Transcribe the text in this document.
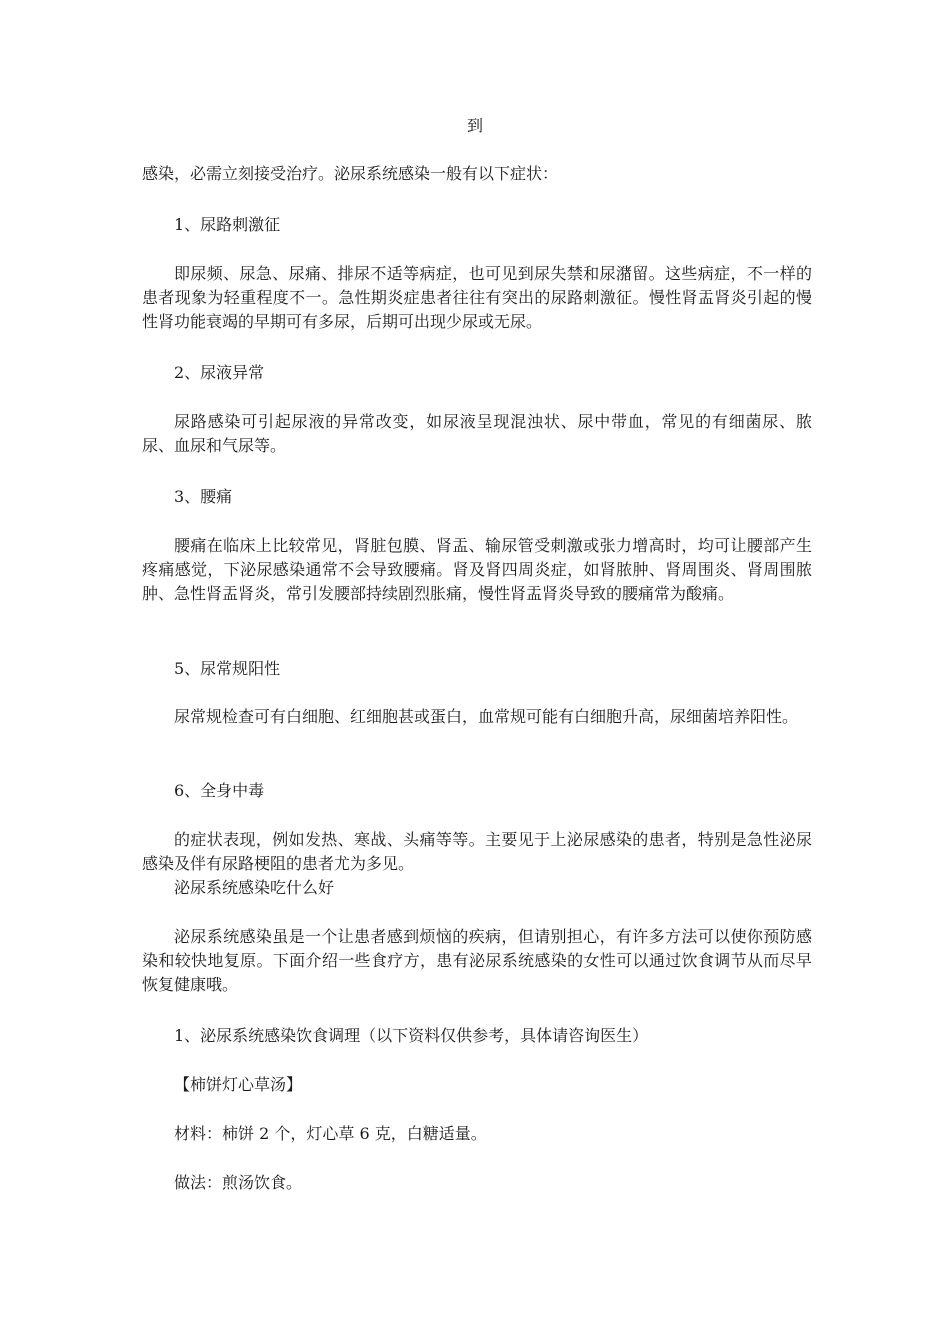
到
感染，必需立刻接受治疗。泌尿系统感染一般有以下症状：
1、尿路刺激征
即尿频、尿急、尿痛、排尿不适等病症，也可见到尿失禁和尿潴留。这些病症，不一样的患者现象为轻重程度不一。急性期炎症患者往往有突出的尿路刺激征。慢性肾盂肾炎引起的慢性肾功能衰竭的早期可有多尿，后期可出现少尿或无尿。
2、尿液异常
尿路感染可引起尿液的异常改变，如尿液呈现混浊状、尿中带血，常见的有细菌尿、脓尿、血尿和气尿等。
3、腰痛
腰痛在临床上比较常见，肾脏包膜、肾盂、输尿管受刺激或张力增高时，均可让腰部产生疼痛感觉，下泌尿感染通常不会导致腰痛。肾及肾四周炎症，如肾脓肿、肾周围炎、肾周围脓肿、急性肾盂肾炎，常引发腰部持续剧烈胀痛，慢性肾盂肾炎导致的腰痛常为酸痛。
5、尿常规阳性
尿常规检查可有白细胞、红细胞甚或蛋白，血常规可能有白细胞升高，尿细菌培养阳性。
6、全身中毒
的症状表现，例如发热、寒战、头痛等等。主要见于上泌尿感染的患者，特别是急性泌尿感染及伴有尿路梗阻的患者尤为多见。
泌尿系统感染吃什么好
泌尿系统感染虽是一个让患者感到烦恼的疾病，但请别担心，有许多方法可以使你预防感染和较快地复原。下面介绍一些食疗方，患有泌尿系统感染的女性可以通过饮食调节从而尽早恢复健康哦。
1、泌尿系统感染饮食调理（以下资料仅供参考，具体请咨询医生）
【柿饼灯心草汤】
材料：柿饼 2 个，灯心草 6 克，白糖适量。
做法：煎汤饮食。
